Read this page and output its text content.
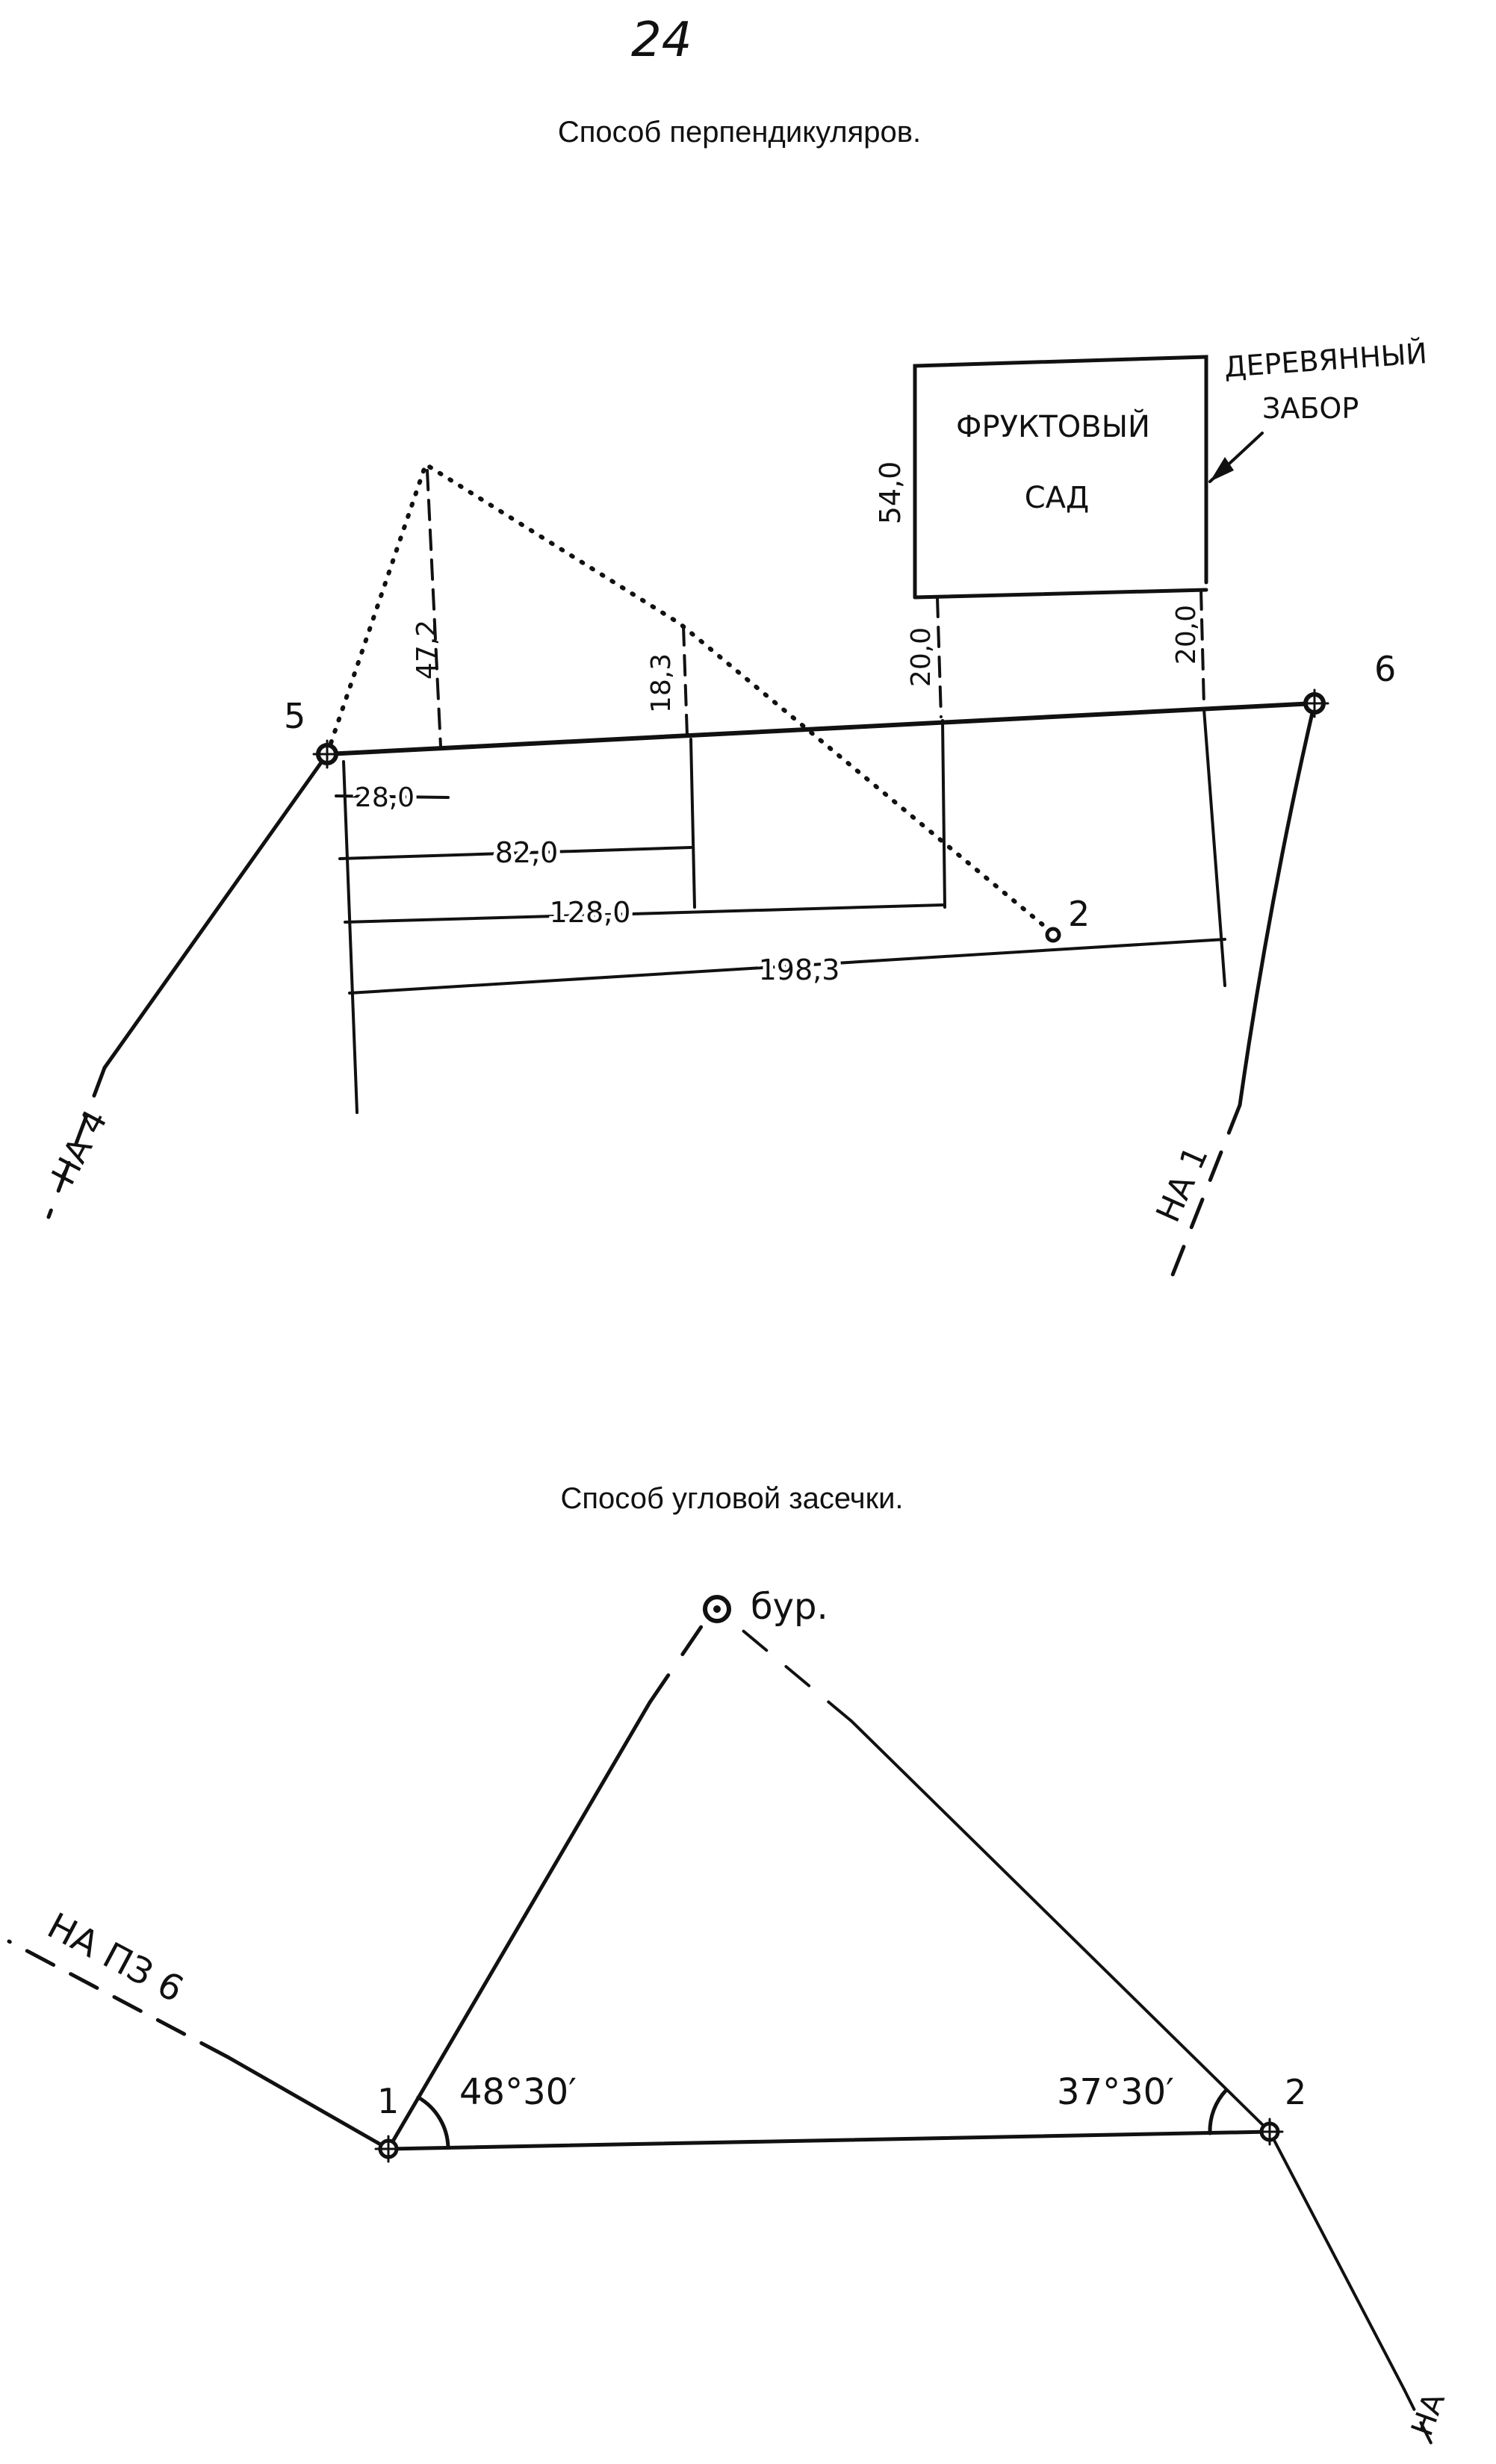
24
Способ перпендикуляров.
5
6
2
ФРУКТОВЫЙ
САД
54,0
ДЕРЕВЯННЫЙ
ЗАБОР
47,2
18,3	20,0	20,0
28,0
82,0
128,0
198,3
НА 4	НА 1
Способ угловой засечки.
бур.
1	2
48°30′	37°30′
НА ПЗ 6
НА
